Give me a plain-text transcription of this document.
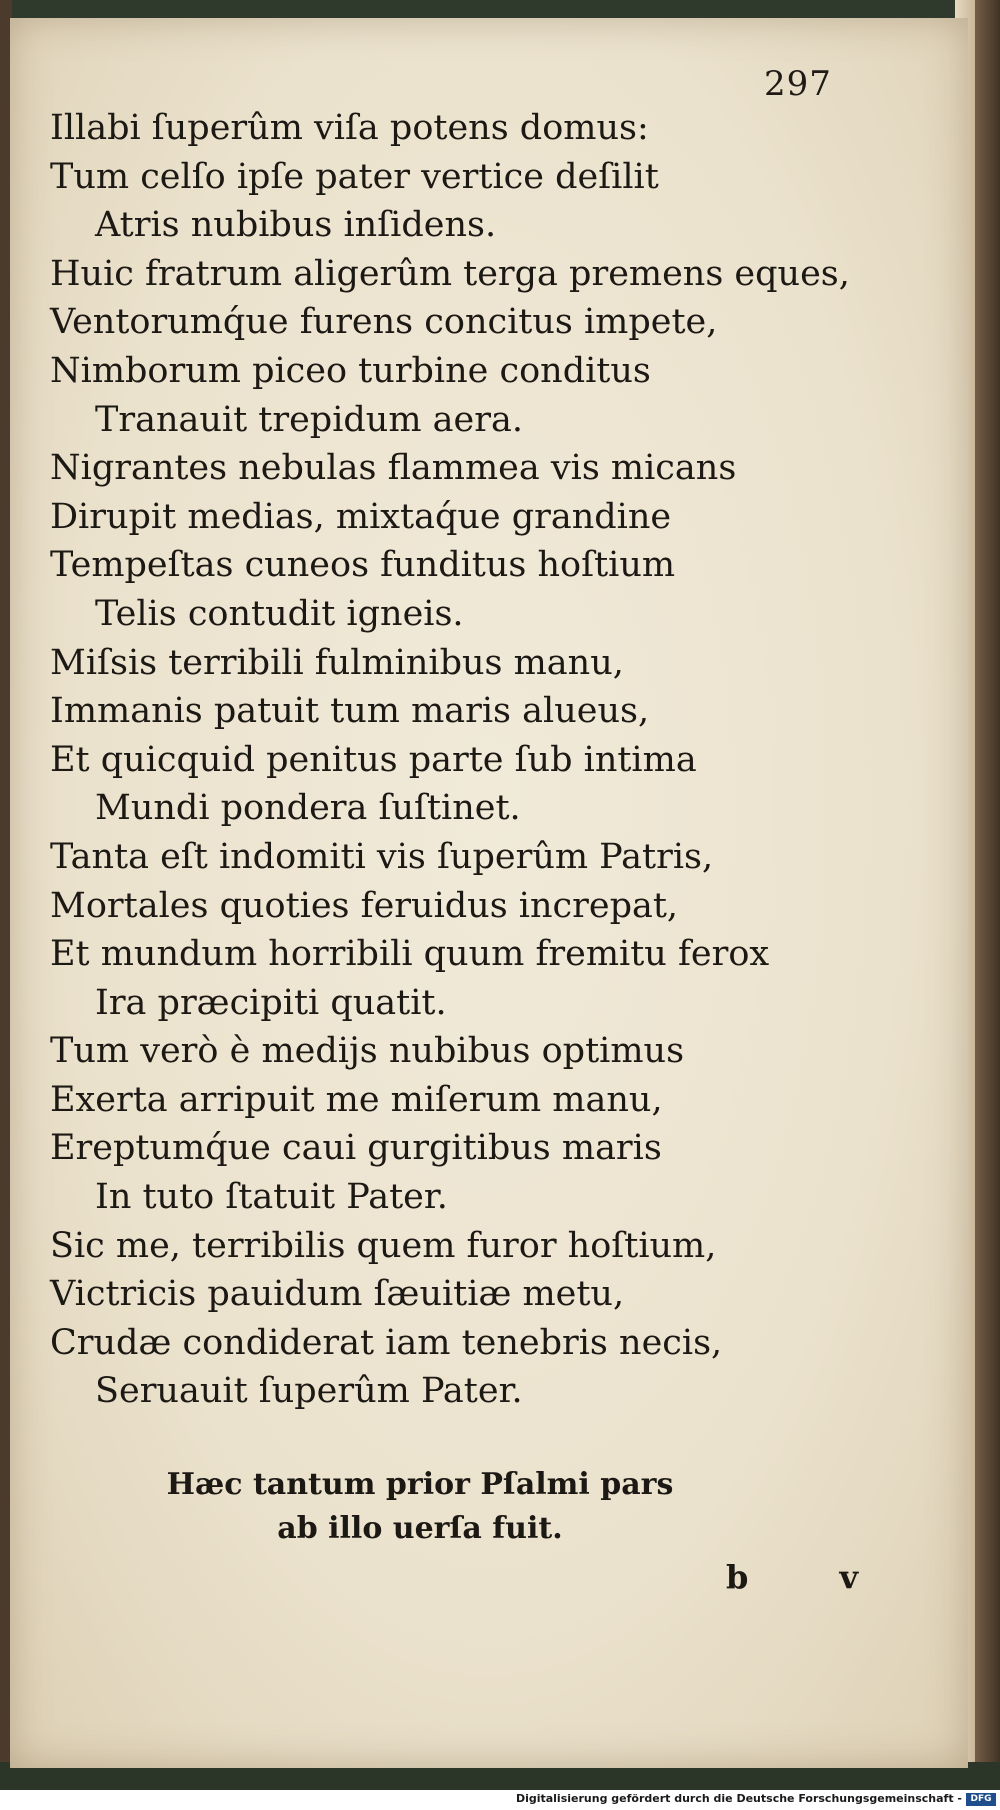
297
Illabi ſuperûm viſa potens domus:
Tum celſo ipſe pater vertice deſilit
Atris nubibus inſidens.
Huic fratrum aligerûm terga premens eques,
Ventorumq́ue furens concitus impete,
Nimborum piceo turbine conditus
Tranauit trepidum aera.
Nigrantes nebulas flammea vis micans
Dirupit medias, mixtaq́ue grandine
Tempeſtas cuneos funditus hoſtium
Telis contudit igneis.
Miſsis terribili fulminibus manu,
Immanis patuit tum maris alueus,
Et quicquid penitus parte ſub intima
Mundi pondera ſuſtinet.
Tanta eſt indomiti vis ſuperûm Patris,
Mortales quoties feruidus increpat,
Et mundum horribili quum fremitu ferox
Ira præcipiti quatit.
Tum verò è medijs nubibus optimus
Exerta arripuit me miſerum manu,
Ereptumq́ue caui gurgitibus maris
In tuto ſtatuit Pater.
Sic me, terribilis quem furor hoſtium,
Victricis pauidum ſæuitiæ metu,
Crudæ condiderat iam tenebris necis,
Seruauit ſuperûm Pater.
Hæc tantum prior Pſalmi pars
ab illo uerſa fuit.
b v
Digitalisierung gefördert durch die Deutsche Forschungsgemeinschaft - DFG
